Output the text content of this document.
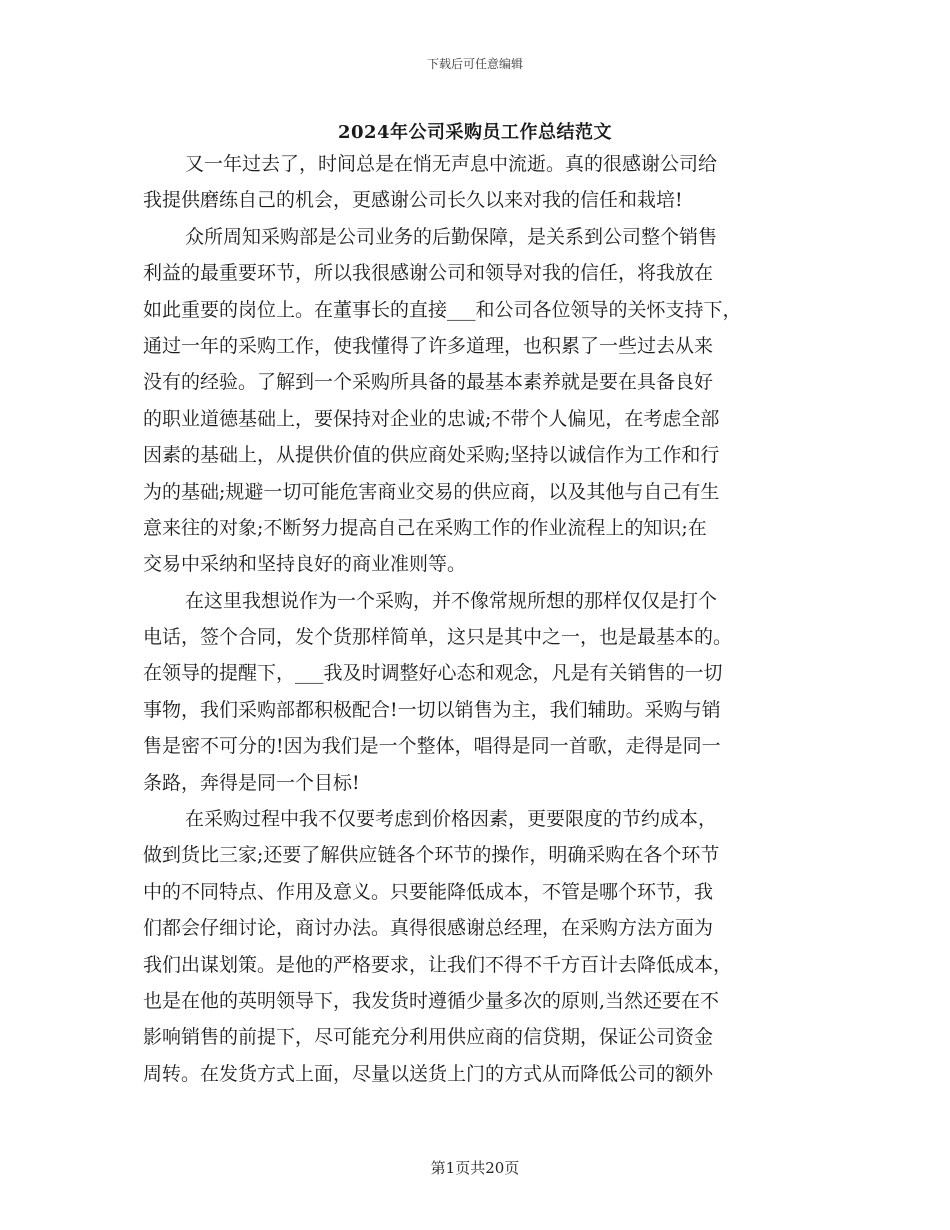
下载后可任意编辑
2024年公司采购员工作总结范文
又一年过去了，时间总是在悄无声息中流逝。真的很感谢公司给
我提供磨练自己的机会，更感谢公司长久以来对我的信任和栽培!
众所周知采购部是公司业务的后勤保障，是关系到公司整个销售
利益的最重要环节，所以我很感谢公司和领导对我的信任，将我放在
如此重要的岗位上。在董事长的直接___和公司各位领导的关怀支持下，
通过一年的采购工作，使我懂得了许多道理，也积累了一些过去从来
没有的经验。了解到一个采购所具备的最基本素养就是要在具备良好
的职业道德基础上，要保持对企业的忠诚;不带个人偏见，在考虑全部
因素的基础上，从提供价值的供应商处采购;坚持以诚信作为工作和行
为的基础;规避一切可能危害商业交易的供应商，以及其他与自己有生
意来往的对象;不断努力提高自己在采购工作的作业流程上的知识;在
交易中采纳和坚持良好的商业准则等。
在这里我想说作为一个采购，并不像常规所想的那样仅仅是打个
电话，签个合同，发个货那样简单，这只是其中之一，也是最基本的。
在领导的提醒下，___我及时调整好心态和观念，凡是有关销售的一切
事物，我们采购部都积极配合!一切以销售为主，我们辅助。采购与销
售是密不可分的!因为我们是一个整体，唱得是同一首歌，走得是同一
条路，奔得是同一个目标!
在采购过程中我不仅要考虑到价格因素，更要限度的节约成本，
做到货比三家;还要了解供应链各个环节的操作，明确采购在各个环节
中的不同特点、作用及意义。只要能降低成本，不管是哪个环节，我
们都会仔细讨论，商讨办法。真得很感谢总经理，在采购方法方面为
我们出谋划策。是他的严格要求，让我们不得不千方百计去降低成本，
也是在他的英明领导下，我发货时遵循少量多次的原则,当然还要在不
影响销售的前提下，尽可能充分利用供应商的信贷期，保证公司资金
周转。在发货方式上面，尽量以送货上门的方式从而降低公司的额外
第1页共20页
